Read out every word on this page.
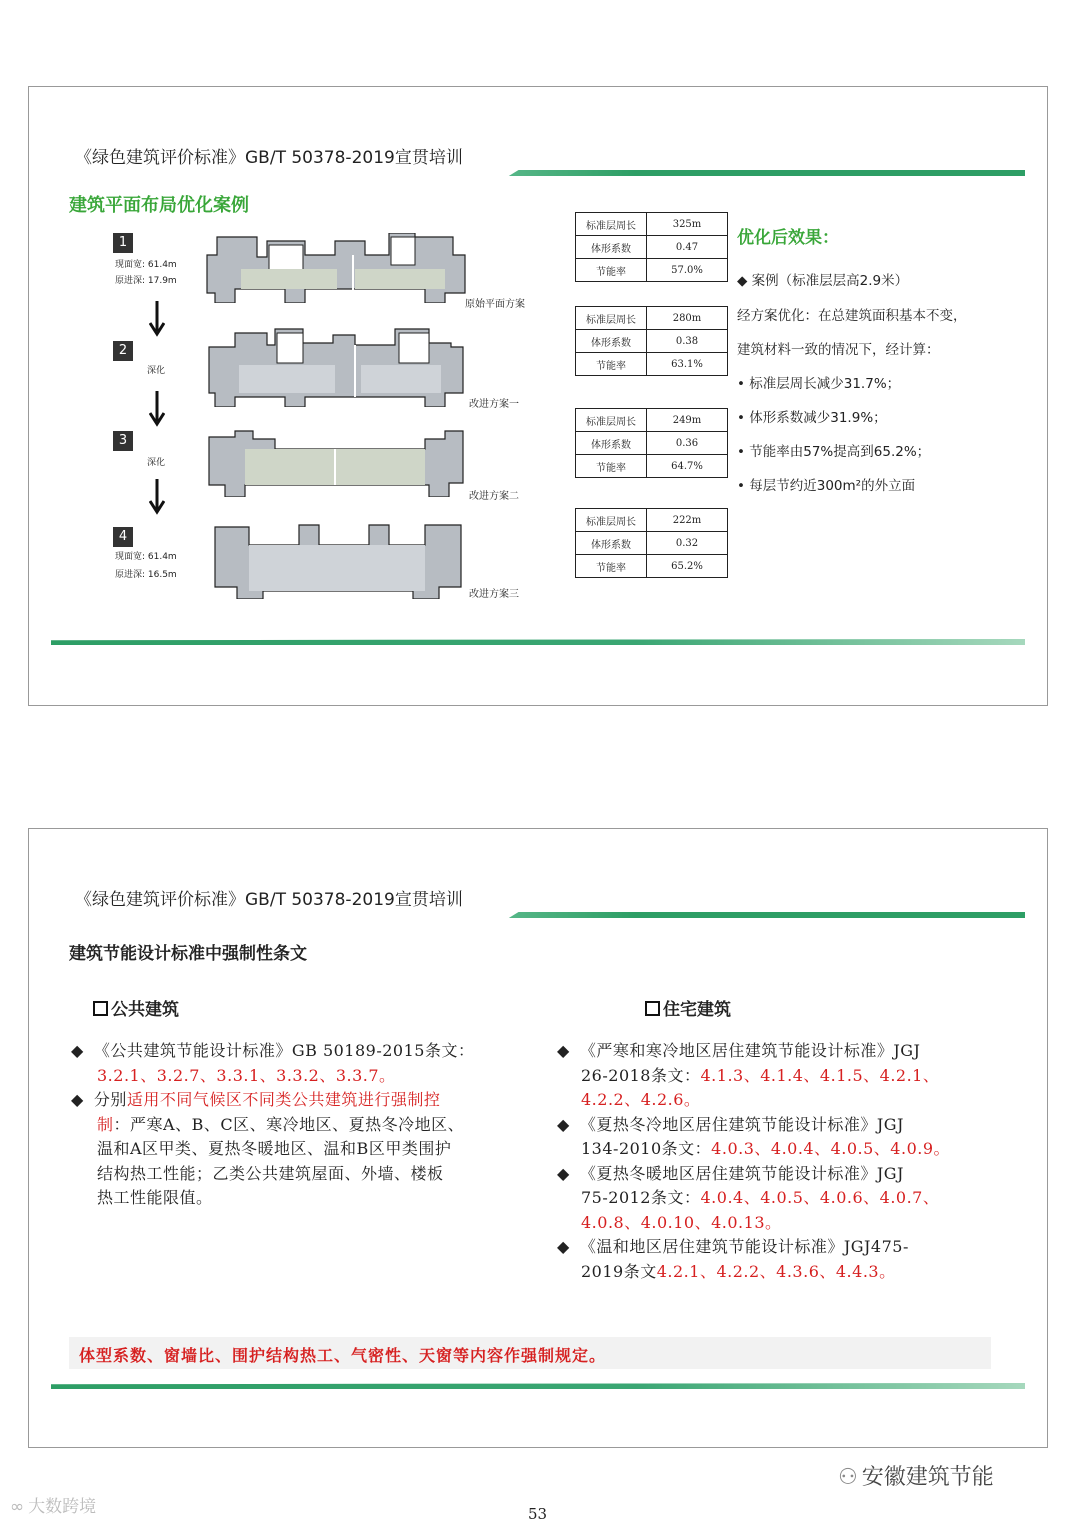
《绿色建筑评价标准》GB/T 50378-2019宣贯培训
建筑平面布局优化案例
1
现面宽: 61.4m
原进深: 17.9m
2
深化
3
深化
4
现面宽: 61.4m
原进深: 16.5m
原始平面方案
改进方案一
改进方案二
改进方案三
标准层周长	325m
体形系数	0.47
节能率	57.0%
标准层周长	280m
体形系数	0.38
节能率	63.1%
标准层周长	249m
体形系数	0.36
节能率	64.7%
标准层周长	222m
体形系数	0.32
节能率	65.2%
优化后效果：
◆ 案例（标准层层高2.9米）
经方案优化：在总建筑面积基本不变，
建筑材料一致的情况下，经计算：
• 标准层周长减少31.7%；
• 体形系数减少31.9%；
• 节能率由57%提高到65.2%；
• 每层节约近300m²的外立面
《绿色建筑评价标准》GB/T 50378-2019宣贯培训
建筑节能设计标准中强制性条文
公共建筑	住宅建筑
◆ 《公共建筑节能设计标准》GB 50189-2015条文：
3.2.1、3.2.7、3.3.1、3.3.2、3.3.7。
◆ 分别适用不同气候区不同类公共建筑进行强制控
制：严寒A、B、C区、寒冷地区、夏热冬冷地区、
温和A区甲类、夏热冬暖地区、温和B区甲类围护
结构热工性能；乙类公共建筑屋面、外墙、楼板
热工性能限值。
◆ 《严寒和寒冷地区居住建筑节能设计标准》JGJ
26-2018条文：4.1.3、4.1.4、4.1.5、4.2.1、
4.2.2、4.2.6。
◆ 《夏热冬冷地区居住建筑节能设计标准》JGJ
134-2010条文：4.0.3、4.0.4、4.0.5、4.0.9。
◆ 《夏热冬暖地区居住建筑节能设计标准》JGJ
75-2012条文：4.0.4、4.0.5、4.0.6、4.0.7、
4.0.8、4.0.10、4.0.13。
◆ 《温和地区居住建筑节能设计标准》JGJ475-
2019条文4.2.1、4.2.2、4.3.6、4.4.3。
体型系数、窗墙比、围护结构热工、气密性、天窗等内容作强制规定。
⚇ 安徽建筑节能
∞ 大数跨境	53
